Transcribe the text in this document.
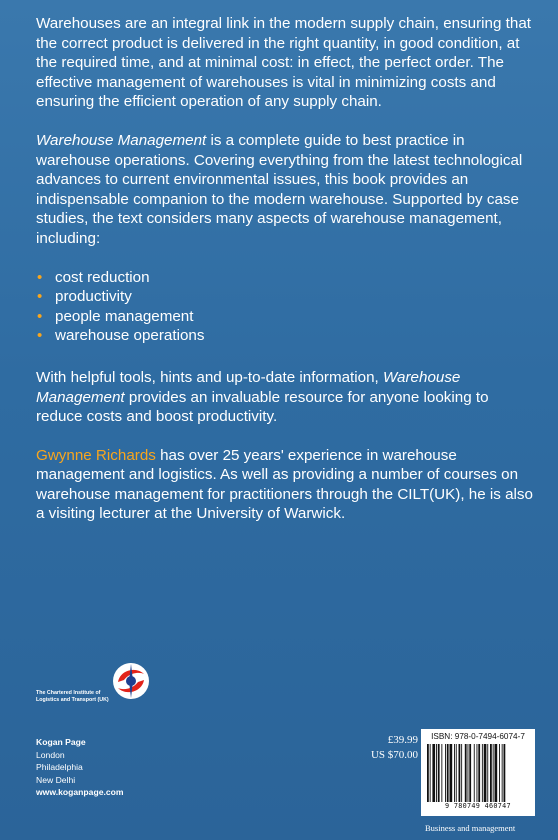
Warehouses are an integral link in the modern supply chain, ensuring that the correct product is delivered in the right quantity, in good condition, at the required time, and at minimal cost: in effect, the perfect order. The effective management of warehouses is vital in minimizing costs and ensuring the efficient operation of any supply chain.

Warehouse Management is a complete guide to best practice in warehouse operations. Covering everything from the latest technological advances to current environmental issues, this book provides an indispensable companion to the modern warehouse. Supported by case studies, the text considers many aspects of warehouse management, including:

• cost reduction
• productivity
• people management
• warehouse operations

With helpful tools, hints and up-to-date information, Warehouse Management provides an invaluable resource for anyone looking to reduce costs and boost productivity.

Gwynne Richards has over 25 years' experience in warehouse management and logistics. As well as providing a number of courses on warehouse management for practitioners through the CILT(UK), he is also a visiting lecturer at the University of Warwick.

The Chartered Institute of
Logistics and Transport (UK)
Kogan Page
London
Philadelphia
New Delhi
www.koganpage.com
£39.99
US $70.00
ISBN: 978-0-7494-6074-7
9 780749 460747
Business and management
